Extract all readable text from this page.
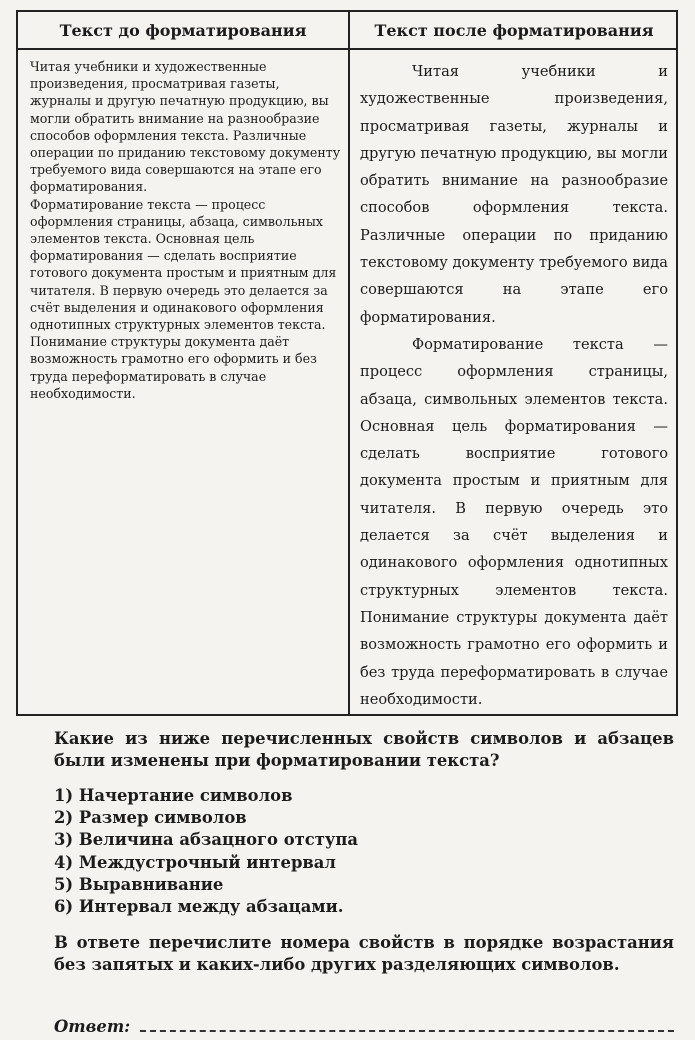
Текст до форматирования	Текст после форматирования

Читая учебники и художественные произведения, просматривая газеты, журналы и другую печатную продукцию, вы могли обратить внимание на разнообразие способов оформления текста. Различные операции по приданию текстовому документу требуемого вида совершаются на этапе его форматирования.

Форматирование текста — процесс оформления страницы, абзаца, символьных элементов текста. Основная цель форматирования — сделать восприятие готового документа простым и приятным для читателя. В первую очередь это делается за счёт выделения и одинакового оформления однотипных структурных элементов текста.

Понимание структуры документа даёт возможность грамотно его оформить и без труда переформатировать в случае необходимости.

Читая учебники и художественные произведения, просматривая газеты, журналы и другую печатную продукцию, вы могли обратить внимание на разнообразие способов оформления текста. Различные операции по приданию текстовому документу требуемого вида совершаются на этапе его форматирования.

Форматирование текста — процесс оформления страницы, абзаца, символьных элементов текста. Основная цель форматирования — сделать восприятие готового документа простым и приятным для читателя. В первую очередь это делается за счёт выделения и одинакового оформления однотипных структурных элементов текста. Понимание структуры документа даёт возможность грамотно его оформить и без труда переформатировать в случае необходимости.

Какие из ниже перечисленных свойств символов и абзацев были изменены при форматировании текста?
1) Начертание символов
2) Размер символов
3) Величина абзацного отступа
4) Междустрочный интервал
5) Выравнивание
6) Интервал между абзацами.
В ответе перечислите номера свойств в порядке возрастания без запятых и каких-либо других разделяющих символов.
Ответ:
